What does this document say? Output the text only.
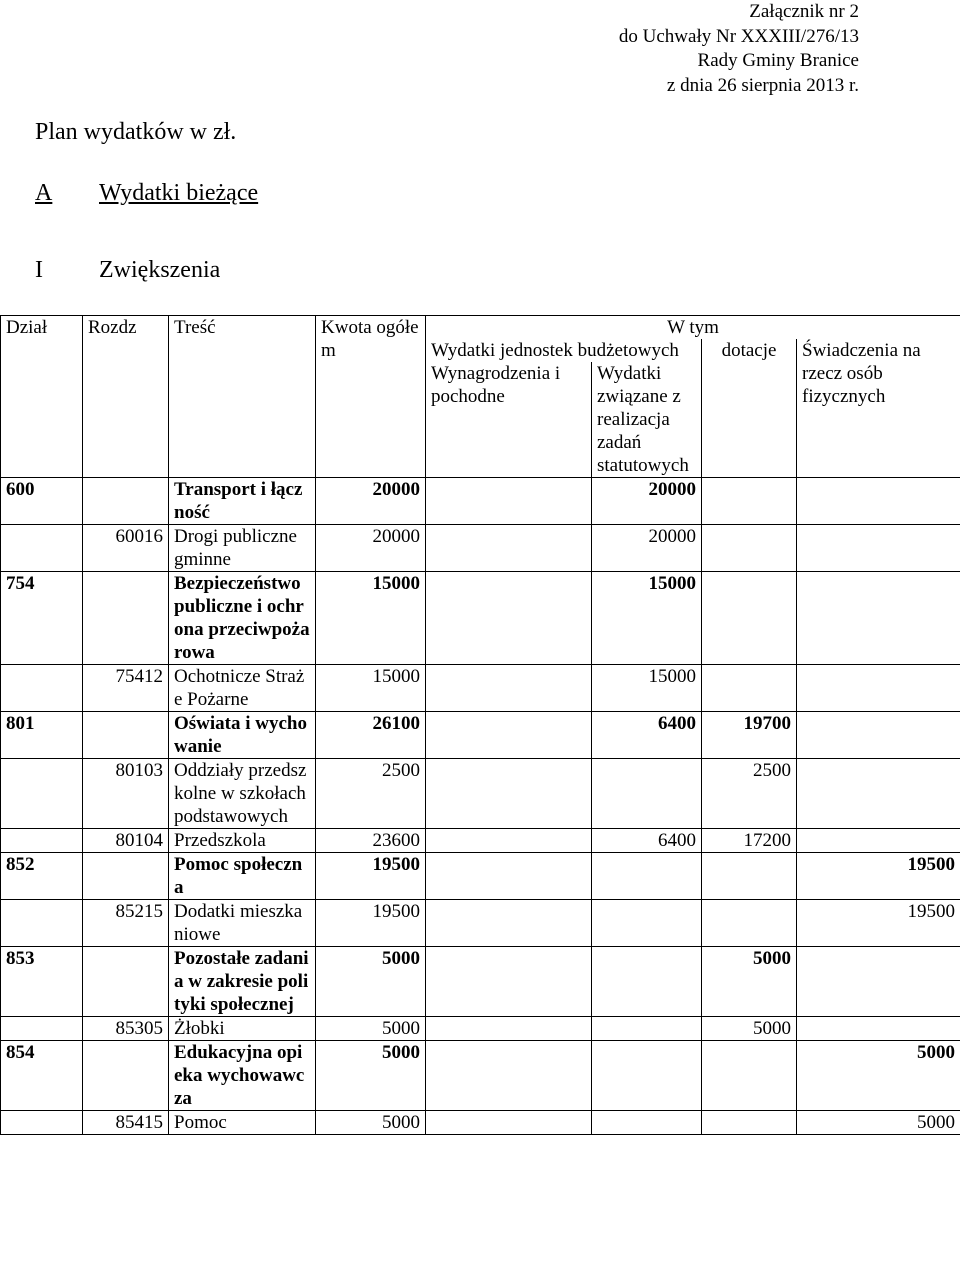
Załącznik nr 2
do Uchwały Nr XXXIII/276/13
Rady Gminy Branice
z dnia 26 sierpnia 2013 r.
Plan wydatków w zł.
A Wydatki bieżące
I Zwiększenia
Dział	Rozdz	Treść	Kwota ogółem	W tym			
				Wydatki jednostek budżetowych		dotacje	Świadczenia na rzecz osób fizycznych
				Wynagrodzenia i pochodne	Wydatki związane z realizacja zadań statutowych		

600		Transport i łączność	20000		20000		
	60016	Drogi publiczne gminne	20000		20000		
754		Bezpieczeństwo publiczne i ochrona przeciwpożarowa	15000		15000		
	75412	Ochotnicze Straże Pożarne	15000		15000		
801		Oświata i wychowanie	26100		6400	19700	
	80103	Oddziały przedszkolne w szkołach podstawowych	2500			2500	
	80104	Przedszkola	23600		6400	17200	
852		Pomoc społeczna	19500				19500
	85215	Dodatki mieszkaniowe	19500				19500
853		Pozostałe zadania w zakresie polityki społecznej	5000			5000	
	85305	Żłobki	5000			5000	
854		Edukacyjna opieka wychowawcza	5000				5000
	85415	Pomoc	5000				5000
